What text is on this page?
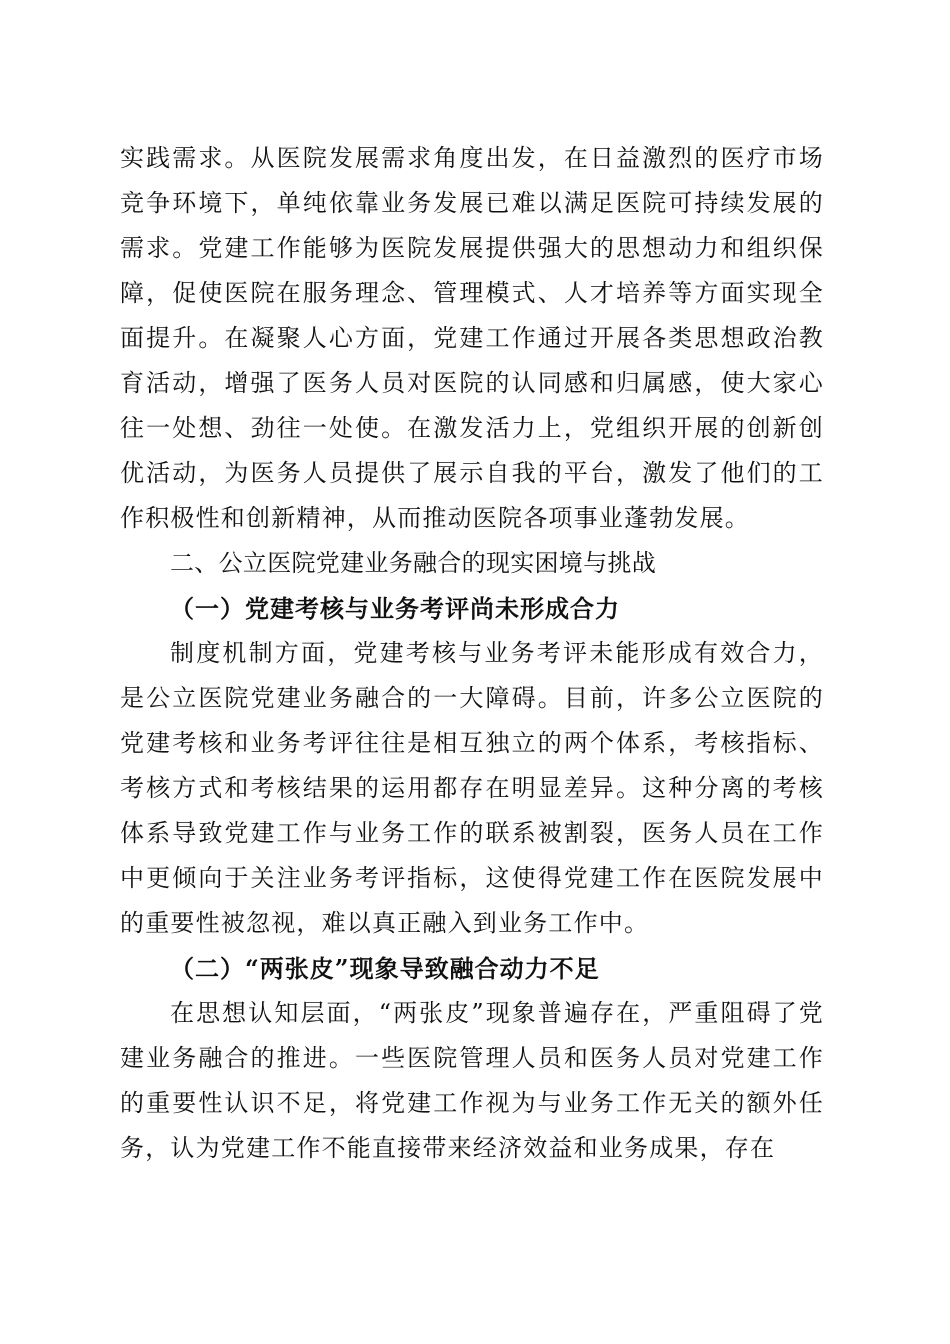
实践需求。从医院发展需求角度出发，在日益激烈的医疗市场竞争环境下，单纯依靠业务发展已难以满足医院可持续发展的需求。党建工作能够为医院发展提供强大的思想动力和组织保障，促使医院在服务理念、管理模式、人才培养等方面实现全面提升。在凝聚人心方面，党建工作通过开展各类思想政治教育活动，增强了医务人员对医院的认同感和归属感，使大家心往一处想、劲往一处使。在激发活力上，党组织开展的创新创优活动，为医务人员提供了展示自我的平台，激发了他们的工作积极性和创新精神，从而推动医院各项事业蓬勃发展。

二、公立医院党建业务融合的现实困境与挑战

（一）党建考核与业务考评尚未形成合力

制度机制方面，党建考核与业务考评未能形成有效合力，是公立医院党建业务融合的一大障碍。目前，许多公立医院的党建考核和业务考评往往是相互独立的两个体系，考核指标、考核方式和考核结果的运用都存在明显差异。这种分离的考核体系导致党建工作与业务工作的联系被割裂，医务人员在工作中更倾向于关注业务考评指标，这使得党建工作在医院发展中的重要性被忽视，难以真正融入到业务工作中。

（二）“两张皮”现象导致融合动力不足

在思想认知层面，“两张皮”现象普遍存在，严重阻碍了党建业务融合的推进。一些医院管理人员和医务人员对党建工作的重要性认识不足，将党建工作视为与业务工作无关的额外任务，认为党建工作不能直接带来经济效益和业务成果，存在
